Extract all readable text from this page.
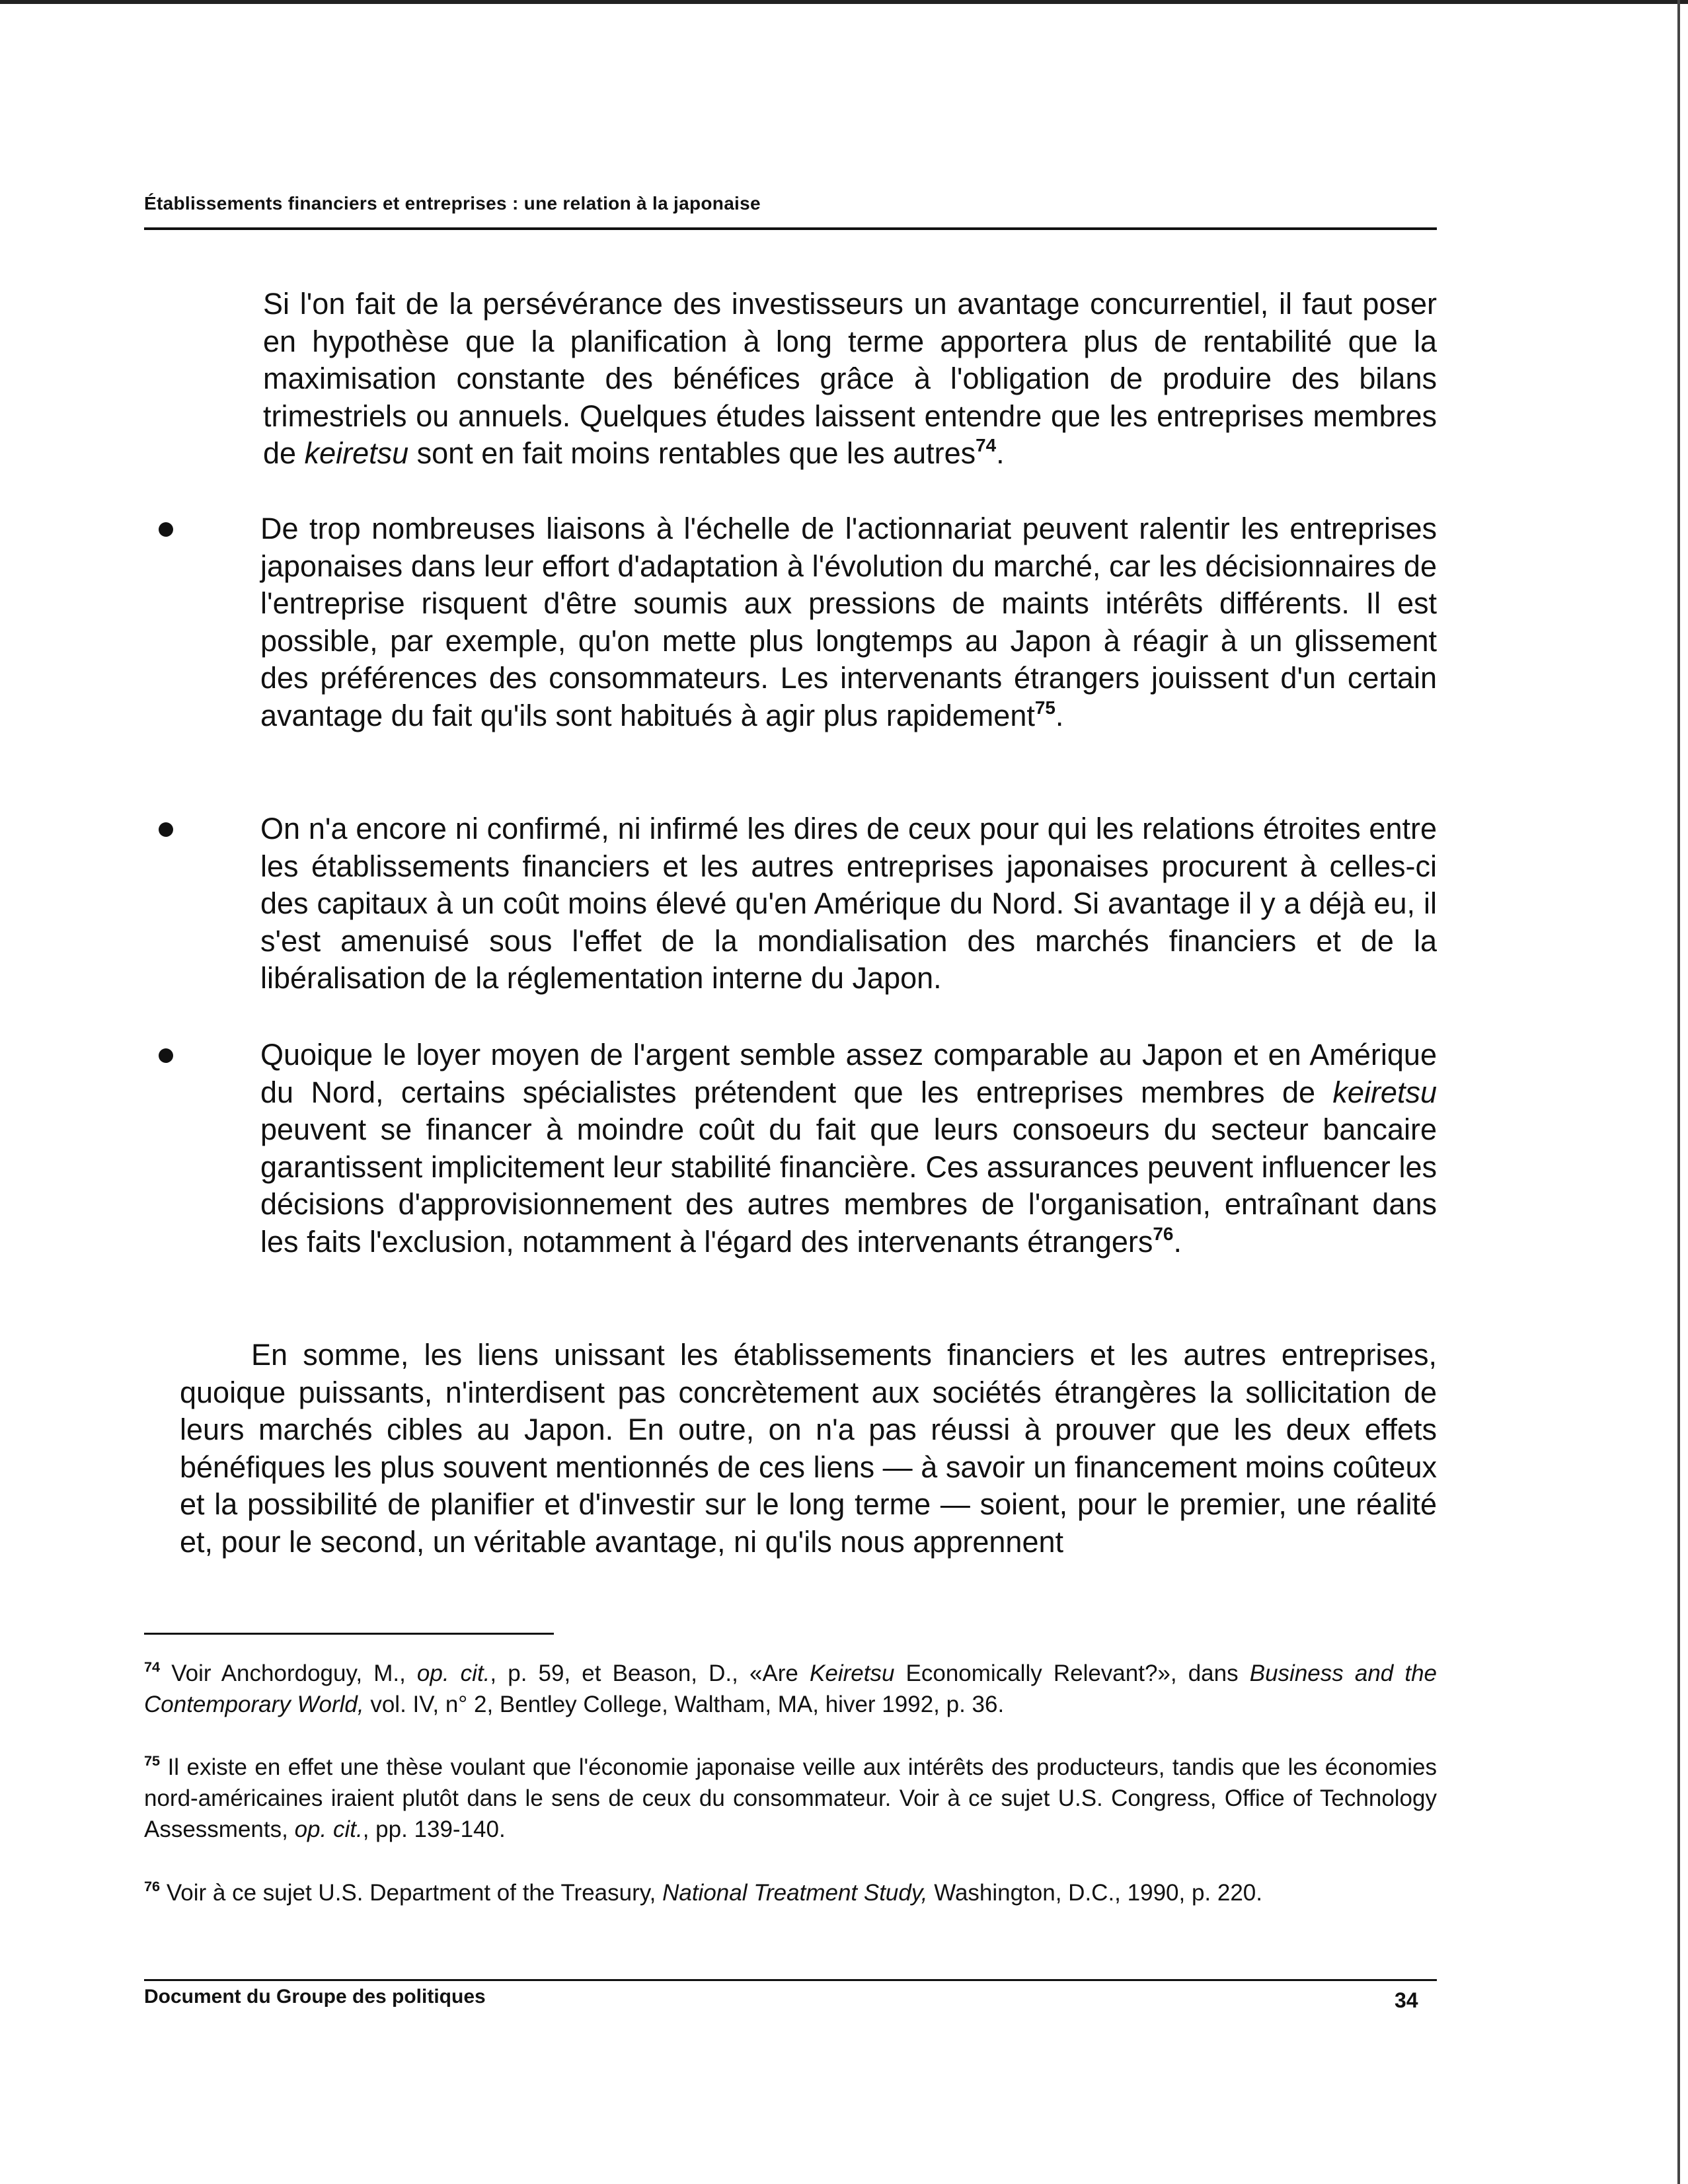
Établissements financiers et entreprises : une relation à la japonaise
Si l'on fait de la persévérance des investisseurs un avantage concurrentiel, il faut poser en hypothèse que la planification à long terme apportera plus de rentabilité que la maximisation constante des bénéfices grâce à l'obligation de produire des bilans trimestriels ou annuels. Quelques études laissent entendre que les entreprises membres de keiretsu sont en fait moins rentables que les autres$^{74}$.
De trop nombreuses liaisons à l'échelle de l'actionnariat peuvent ralentir les entreprises japonaises dans leur effort d'adaptation à l'évolution du marché, car les décisionnaires de l'entreprise risquent d'être soumis aux pressions de maints intérêts différents. Il est possible, par exemple, qu'on mette plus longtemps au Japon à réagir à un glissement des préférences des consommateurs. Les intervenants étrangers jouissent d'un certain avantage du fait qu'ils sont habitués à agir plus rapidement$^{75}$.
On n'a encore ni confirmé, ni infirmé les dires de ceux pour qui les relations étroites entre les établissements financiers et les autres entreprises japonaises procurent à celles-ci des capitaux à un coût moins élevé qu'en Amérique du Nord. Si avantage il y a déjà eu, il s'est amenuisé sous l'effet de la mondialisation des marchés financiers et de la libéralisation de la réglementation interne du Japon.
Quoique le loyer moyen de l'argent semble assez comparable au Japon et en Amérique du Nord, certains spécialistes prétendent que les entreprises membres de keiretsu peuvent se financer à moindre coût du fait que leurs consoeurs du secteur bancaire garantissent implicitement leur stabilité financière. Ces assurances peuvent influencer les décisions d'approvisionnement des autres membres de l'organisation, entraînant dans les faits l'exclusion, notamment à l'égard des intervenants étrangers$^{76}$.
En somme, les liens unissant les établissements financiers et les autres entreprises, quoique puissants, n'interdisent pas concrètement aux sociétés étrangères la sollicitation de leurs marchés cibles au Japon. En outre, on n'a pas réussi à prouver que les deux effets bénéfiques les plus souvent mentionnés de ces liens — à savoir un financement moins coûteux et la possibilité de planifier et d'investir sur le long terme — soient, pour le premier, une réalité et, pour le second, un véritable avantage, ni qu'ils nous apprennent
$^{74}$ Voir Anchordoguy, M., op. cit., p. 59, et Beason, D., «Are Keiretsu Economically Relevant?», dans Business and the Contemporary World, vol. IV, n° 2, Bentley College, Waltham, MA, hiver 1992, p. 36.
$^{75}$ Il existe en effet une thèse voulant que l'économie japonaise veille aux intérêts des producteurs, tandis que les économies nord-américaines iraient plutôt dans le sens de ceux du consommateur. Voir à ce sujet U.S. Congress, Office of Technology Assessments, op. cit., pp. 139-140.
$^{76}$ Voir à ce sujet U.S. Department of the Treasury, National Treatment Study, Washington, D.C., 1990, p. 220.
Document du Groupe des politiques	34
